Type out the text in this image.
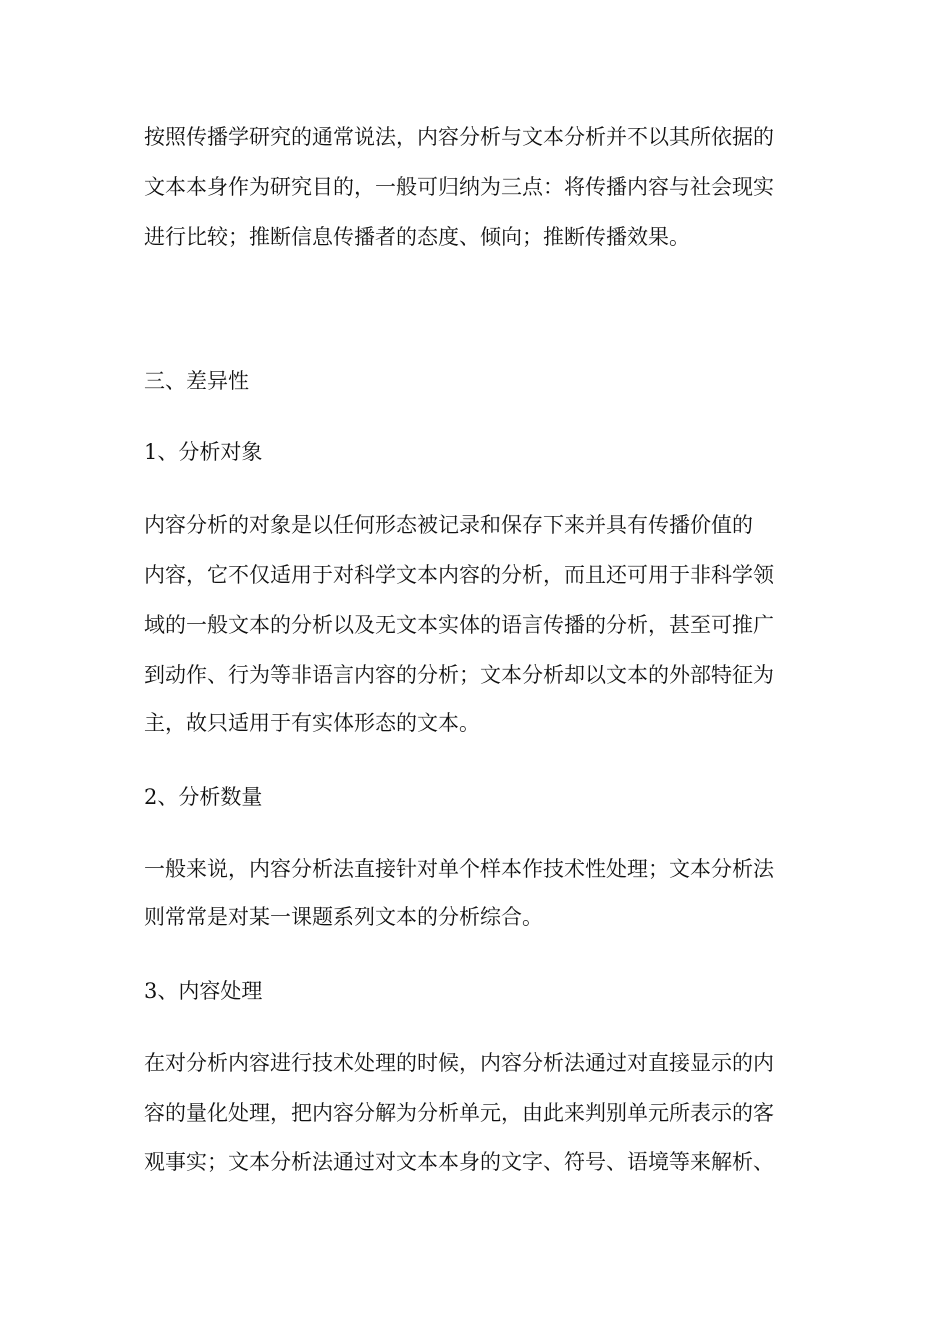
按照传播学研究的通常说法，内容分析与文本分析并不以其所依据的
文本本身作为研究目的，一般可归纳为三点：将传播内容与社会现实
进行比较；推断信息传播者的态度、倾向；推断传播效果。
三、差异性
1、分析对象
内容分析的对象是以任何形态被记录和保存下来并具有传播价值的
内容，它不仅适用于对科学文本内容的分析，而且还可用于非科学领
域的一般文本的分析以及无文本实体的语言传播的分析，甚至可推广
到动作、行为等非语言内容的分析；文本分析却以文本的外部特征为
主，故只适用于有实体形态的文本。
2、分析数量
一般来说，内容分析法直接针对单个样本作技术性处理；文本分析法
则常常是对某一课题系列文本的分析综合。
3、内容处理
在对分析内容进行技术处理的时候，内容分析法通过对直接显示的内
容的量化处理，把内容分解为分析单元，由此来判别单元所表示的客
观事实；文本分析法通过对文本本身的文字、符号、语境等来解析、
